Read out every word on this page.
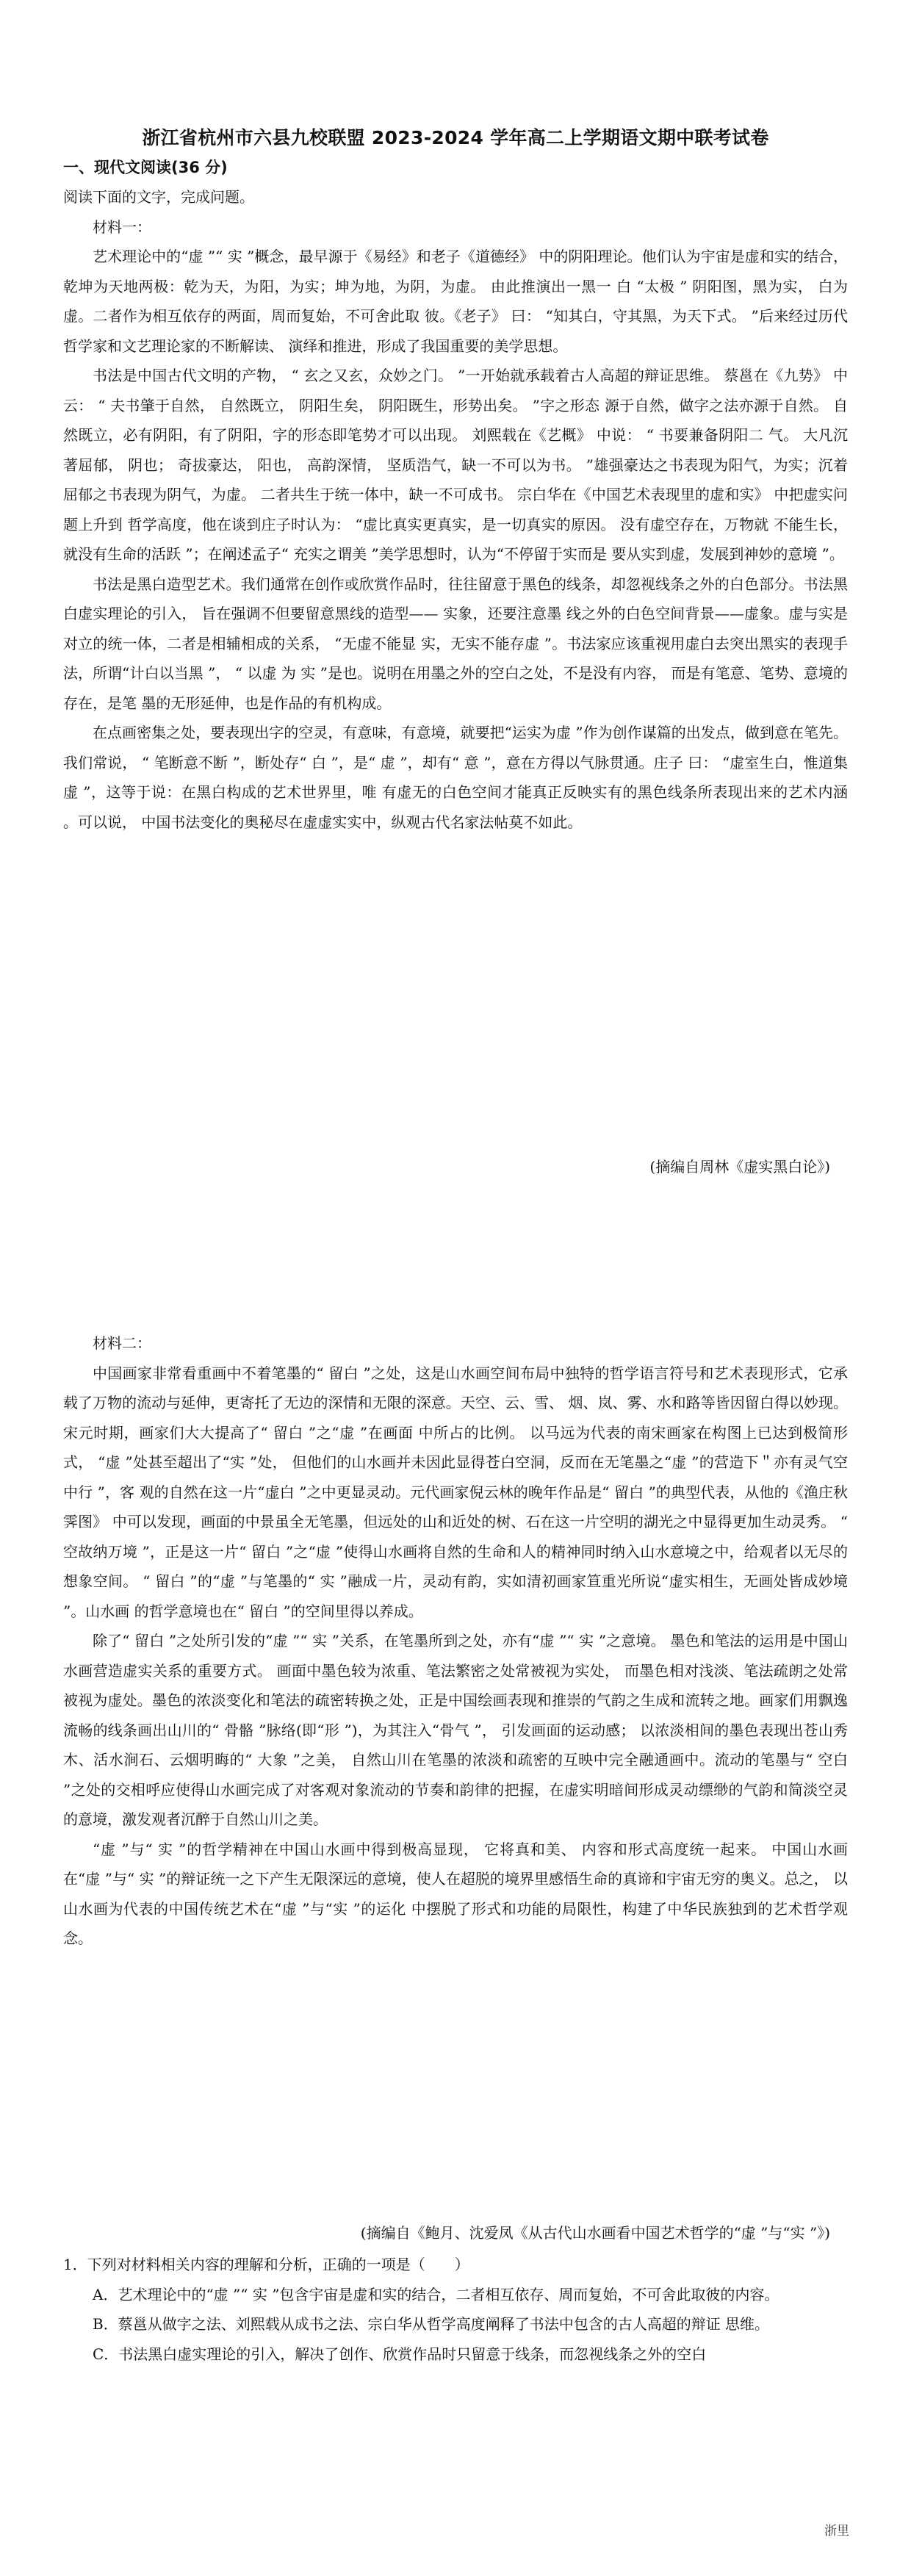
浙江省杭州市六县九校联盟 2023-2024 学年高二上学期语文期中联考试卷
一、现代文阅读(36 分)

阅读下面的文字，完成问题。

材料一：

艺术理论中的“虚 ”“ 实 ”概念，最早源于《易经》和老子《道德经》 中的阴阳理论。他们认为宇宙是虚和实的结合，乾坤为天地两极：乾为天，为阳，为实；坤为地，为阴，为虚。 由此推演出一黑一 白 “太极 ” 阴阳图，黑为实， 白为虚。二者作为相互依存的两面，周而复始，不可舍此取 彼。《老子》 曰： “知其白，守其黑，为天下式。 ”后来经过历代哲学家和文艺理论家的不断解读、 演绎和推进，形成了我国重要的美学思想。

书法是中国古代文明的产物， “ 玄之又玄，众妙之门。 ”一开始就承载着古人高超的辩证思维。 蔡邕在《九势》 中云： “ 夫书肇于自然， 自然既立， 阴阳生矣， 阴阳既生，形势出矣。 ”字之形态 源于自然，做字之法亦源于自然。 自然既立，必有阴阳，有了阴阳，字的形态即笔势才可以出现。 刘熙载在《艺概》 中说： “ 书要兼备阴阳二 气。 大凡沉著屈郁， 阴也； 奇拔豪达， 阳也， 高韵深情， 坚质浩气，缺一不可以为书。 ”雄强豪达之书表现为阳气，为实；沉着屈郁之书表现为阴气，为虚。 二者共生于统一体中，缺一不可成书。 宗白华在《中国艺术表现里的虚和实》 中把虚实问题上升到 哲学高度，他在谈到庄子时认为： “虚比真实更真实，是一切真实的原因。 没有虚空存在，万物就 不能生长，就没有生命的活跃 ”；在阐述孟子“ 充实之谓美 ”美学思想时，认为“不停留于实而是 要从实到虚，发展到神妙的意境 ”。

书法是黑白造型艺术。我们通常在创作或欣赏作品时，往往留意于黑色的线条，却忽视线条之外的白色部分。书法黑白虚实理论的引入， 旨在强调不但要留意黑线的造型—— 实象，还要注意墨 线之外的白色空间背景——虚象。虚与实是对立的统一体，二者是相辅相成的关系， “无虚不能显 实，无实不能存虚 ”。书法家应该重视用虚白去突出黑实的表现手法，所谓“计白以当黑 ”， “ 以虚 为 实 ”是也。说明在用墨之外的空白之处，不是没有内容， 而是有笔意、笔势、意境的存在，是笔 墨的无形延伸，也是作品的有机构成。

在点画密集之处，要表现出字的空灵，有意味，有意境，就要把“运实为虚 ”作为创作谋篇的出发点，做到意在笔先。我们常说， “ 笔断意不断 ”，断处存“ 白 ”，是“ 虚 ”，却有“ 意 ”，意在方得以气脉贯通。庄子 曰： “虚室生白，惟道集虚 ”，这等于说：在黑白构成的艺术世界里，唯 有虚无的白色空间才能真正反映实有的黑色线条所表现出来的艺术内涵 。可以说， 中国书法变化的奥秘尽在虚虚实实中，纵观古代名家法帖莫不如此。

(摘编自周林《虚实黑白论》)

材料二：

中国画家非常看重画中不着笔墨的“ 留白 ”之处，这是山水画空间布局中独特的哲学语言符号和艺术表现形式，它承载了万物的流动与延伸，更寄托了无边的深情和无限的深意。天空、云、雪、 烟、岚、雾、水和路等皆因留白得以妙现。宋元时期，画家们大大提高了“ 留白 ”之“虚 ”在画面 中所占的比例。 以马远为代表的南宋画家在构图上已达到极简形式， “虚 ”处甚至超出了“实 ”处， 但他们的山水画并未因此显得苍白空洞，反而在无笔墨之“虚 ”的营造下＂亦有灵气空中行 ”，客 观的自然在这一片“虚白 ”之中更显灵动。元代画家倪云林的晚年作品是“ 留白 ”的典型代表，从他的《渔庄秋霁图》 中可以发现，画面的中景虽全无笔墨，但远处的山和近处的树、石在这一片空明的湖光之中显得更加生动灵秀。 “ 空故纳万境 ”，正是这一片“ 留白 ”之“虚 ”使得山水画将自然的生命和人的精神同时纳入山水意境之中，给观者以无尽的想象空间。 “ 留白 ”的“虚 ”与笔墨的“ 实 ”融成一片，灵动有韵，实如清初画家笪重光所说“虚实相生，无画处皆成妙境 ”。山水画 的哲学意境也在“ 留白 ”的空间里得以养成。

除了“ 留白 ”之处所引发的“虚 ”“ 实 ”关系，在笔墨所到之处，亦有“虚 ”“ 实 ”之意境。 墨色和笔法的运用是中国山水画营造虚实关系的重要方式。 画面中墨色较为浓重、笔法繁密之处常被视为实处， 而墨色相对浅淡、笔法疏朗之处常被视为虚处。墨色的浓淡变化和笔法的疏密转换之处，正是中国绘画表现和推崇的气韵之生成和流转之地。画家们用飘逸流畅的线条画出山川的“ 骨骼 ”脉络(即“形 ”)，为其注入“骨气 ”， 引发画面的运动感； 以浓淡相间的墨色表现出苍山秀木、活水涧石、云烟明晦的“ 大象 ”之美， 自然山川在笔墨的浓淡和疏密的互映中完全融通画中。流动的笔墨与“ 空白 ”之处的交相呼应使得山水画完成了对客观对象流动的节奏和韵律的把握，在虚实明暗间形成灵动缥缈的气韵和简淡空灵的意境，激发观者沉醉于自然山川之美。

“虚 ”与“ 实 ”的哲学精神在中国山水画中得到极高显现， 它将真和美、 内容和形式高度统一起来。 中国山水画在“虚 ”与“ 实 ”的辩证统一之下产生无限深远的意境，使人在超脱的境界里感悟生命的真谛和宇宙无穷的奥义。总之， 以山水画为代表的中国传统艺术在“虚 ”与“实 ”的运化 中摆脱了形式和功能的局限性，构建了中华民族独到的艺术哲学观念。

(摘编自《鲍月、沈爱凤《从古代山水画看中国艺术哲学的“虚 ”与“实 ”》)

1．下列对材料相关内容的理解和分析，正确的一项是（　　）

A．艺术理论中的“虚 ”“ 实 ”包含宇宙是虚和实的结合，二者相互依存、周而复始，不可舍此取彼的内容。

B．蔡邕从做字之法、刘熙载从成书之法、宗白华从哲学高度阐释了书法中包含的古人高超的辩证 思维。

C．书法黑白虚实理论的引入，解决了创作、欣赏作品时只留意于线条，而忽视线条之外的空白

浙里
